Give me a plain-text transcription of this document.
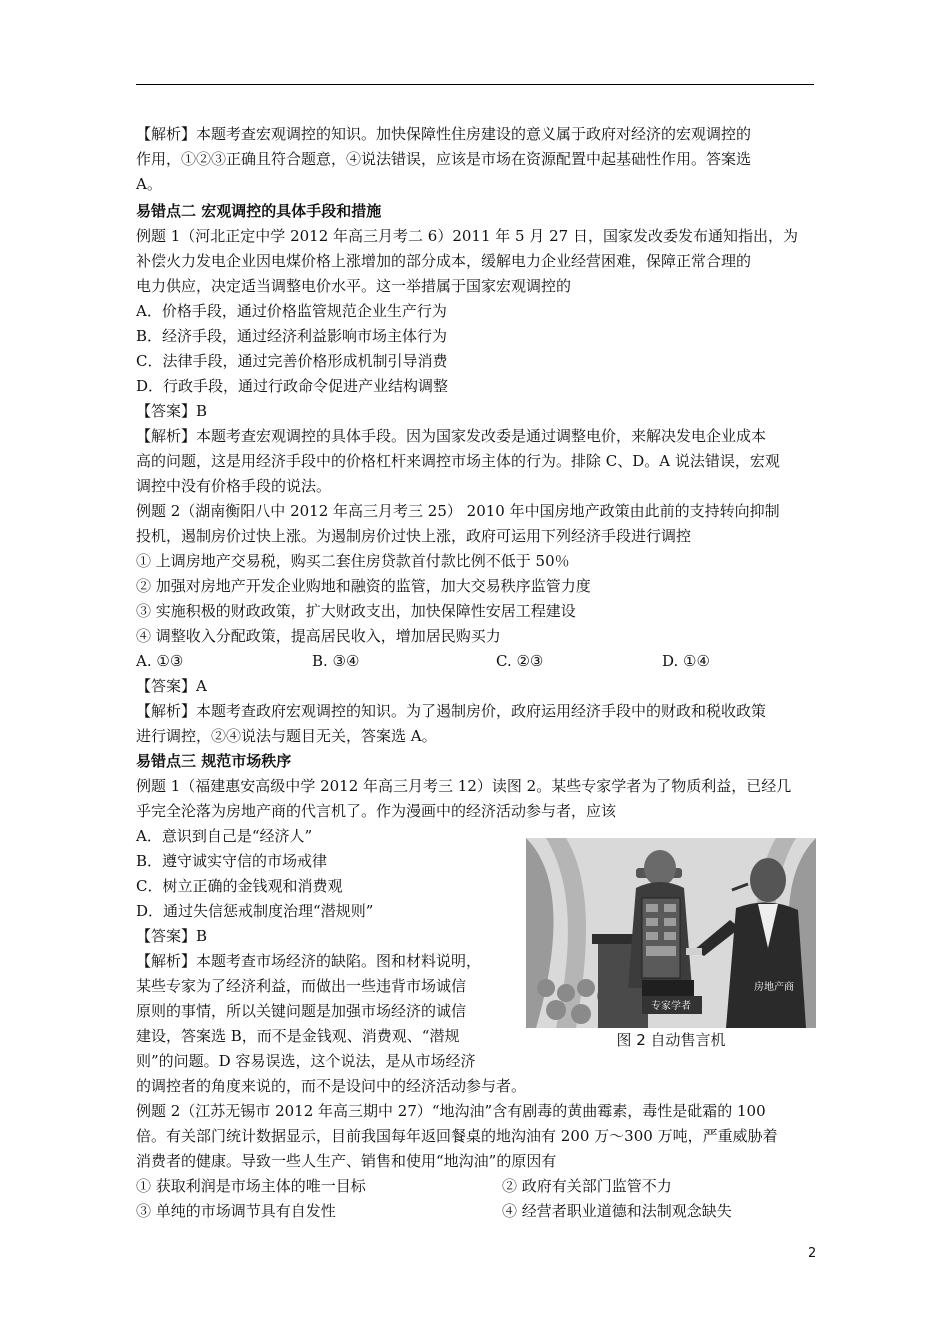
【解析】本题考查宏观调控的知识。加快保障性住房建设的意义属于政府对经济的宏观调控的
作用，①②③正确且符合题意，④说法错误，应该是市场在资源配置中起基础性作用。答案选
A。
易错点二 宏观调控的具体手段和措施
例题 1（河北正定中学 2012 年高三月考二 6）2011 年 5 月 27 日，国家发改委发布通知指出，为
补偿火力发电企业因电煤价格上涨增加的部分成本，缓解电力企业经营困难，保障正常合理的
电力供应，决定适当调整电价水平。这一举措属于国家宏观调控的
A．价格手段，通过价格监管规范企业生产行为
B．经济手段，通过经济利益影响市场主体行为
C．法律手段，通过完善价格形成机制引导消费
D．行政手段，通过行政命令促进产业结构调整
【答案】B
【解析】本题考查宏观调控的具体手段。因为国家发改委是通过调整电价，来解决发电企业成本
高的问题，这是用经济手段中的价格杠杆来调控市场主体的行为。排除 C、D。A 说法错误，宏观
调控中没有价格手段的说法。
例题 2（湖南衡阳八中 2012 年高三月考三 25） 2010 年中国房地产政策由此前的支持转向抑制
投机，遏制房价过快上涨。为遏制房价过快上涨，政府可运用下列经济手段进行调控
① 上调房地产交易税，购买二套住房贷款首付款比例不低于 50％
② 加强对房地产开发企业购地和融资的监管，加大交易秩序监管力度
③ 实施积极的财政政策，扩大财政支出，加快保障性安居工程建设
④ 调整收入分配政策，提高居民收入，增加居民购买力
A. ①③	B. ③④	C. ②③	D. ①④
【答案】A
【解析】本题考查政府宏观调控的知识。为了遏制房价，政府运用经济手段中的财政和税收政策
进行调控，②④说法与题目无关，答案选 A。
易错点三 规范市场秩序
例题 1（福建惠安高级中学 2012 年高三月考三 12）读图 2。某些专家学者为了物质利益，已经几
乎完全沦落为房地产商的代言机了。作为漫画中的经济活动参与者，应该
A．意识到自己是“经济人”
B．遵守诚实守信的市场戒律
C．树立正确的金钱观和消费观
D．通过失信惩戒制度治理“潜规则”
【答案】B
【解析】本题考查市场经济的缺陷。图和材料说明，
某些专家为了经济利益，而做出一些违背市场诚信
原则的事情，所以关键问题是加强市场经济的诚信
建设，答案选 B，而不是金钱观、消费观、“潜规
则”的问题。D 容易误选，这个说法，是从市场经济
的调控者的角度来说的，而不是设问中的经济活动参与者。
例题 2（江苏无锡市 2012 年高三期中 27）“地沟油”含有剧毒的黄曲霉素，毒性是砒霜的 100
倍。有关部门统计数据显示，目前我国每年返回餐桌的地沟油有 200 万～300 万吨，严重威胁着
消费者的健康。导致一些人生产、销售和使用“地沟油”的原因有
① 获取利润是市场主体的唯一目标
③ 单纯的市场调节具有自发性
② 政府有关部门监管不力
④ 经营者职业道德和法制观念缺失
专家学者
房地产商
图 2 自动售言机
2
